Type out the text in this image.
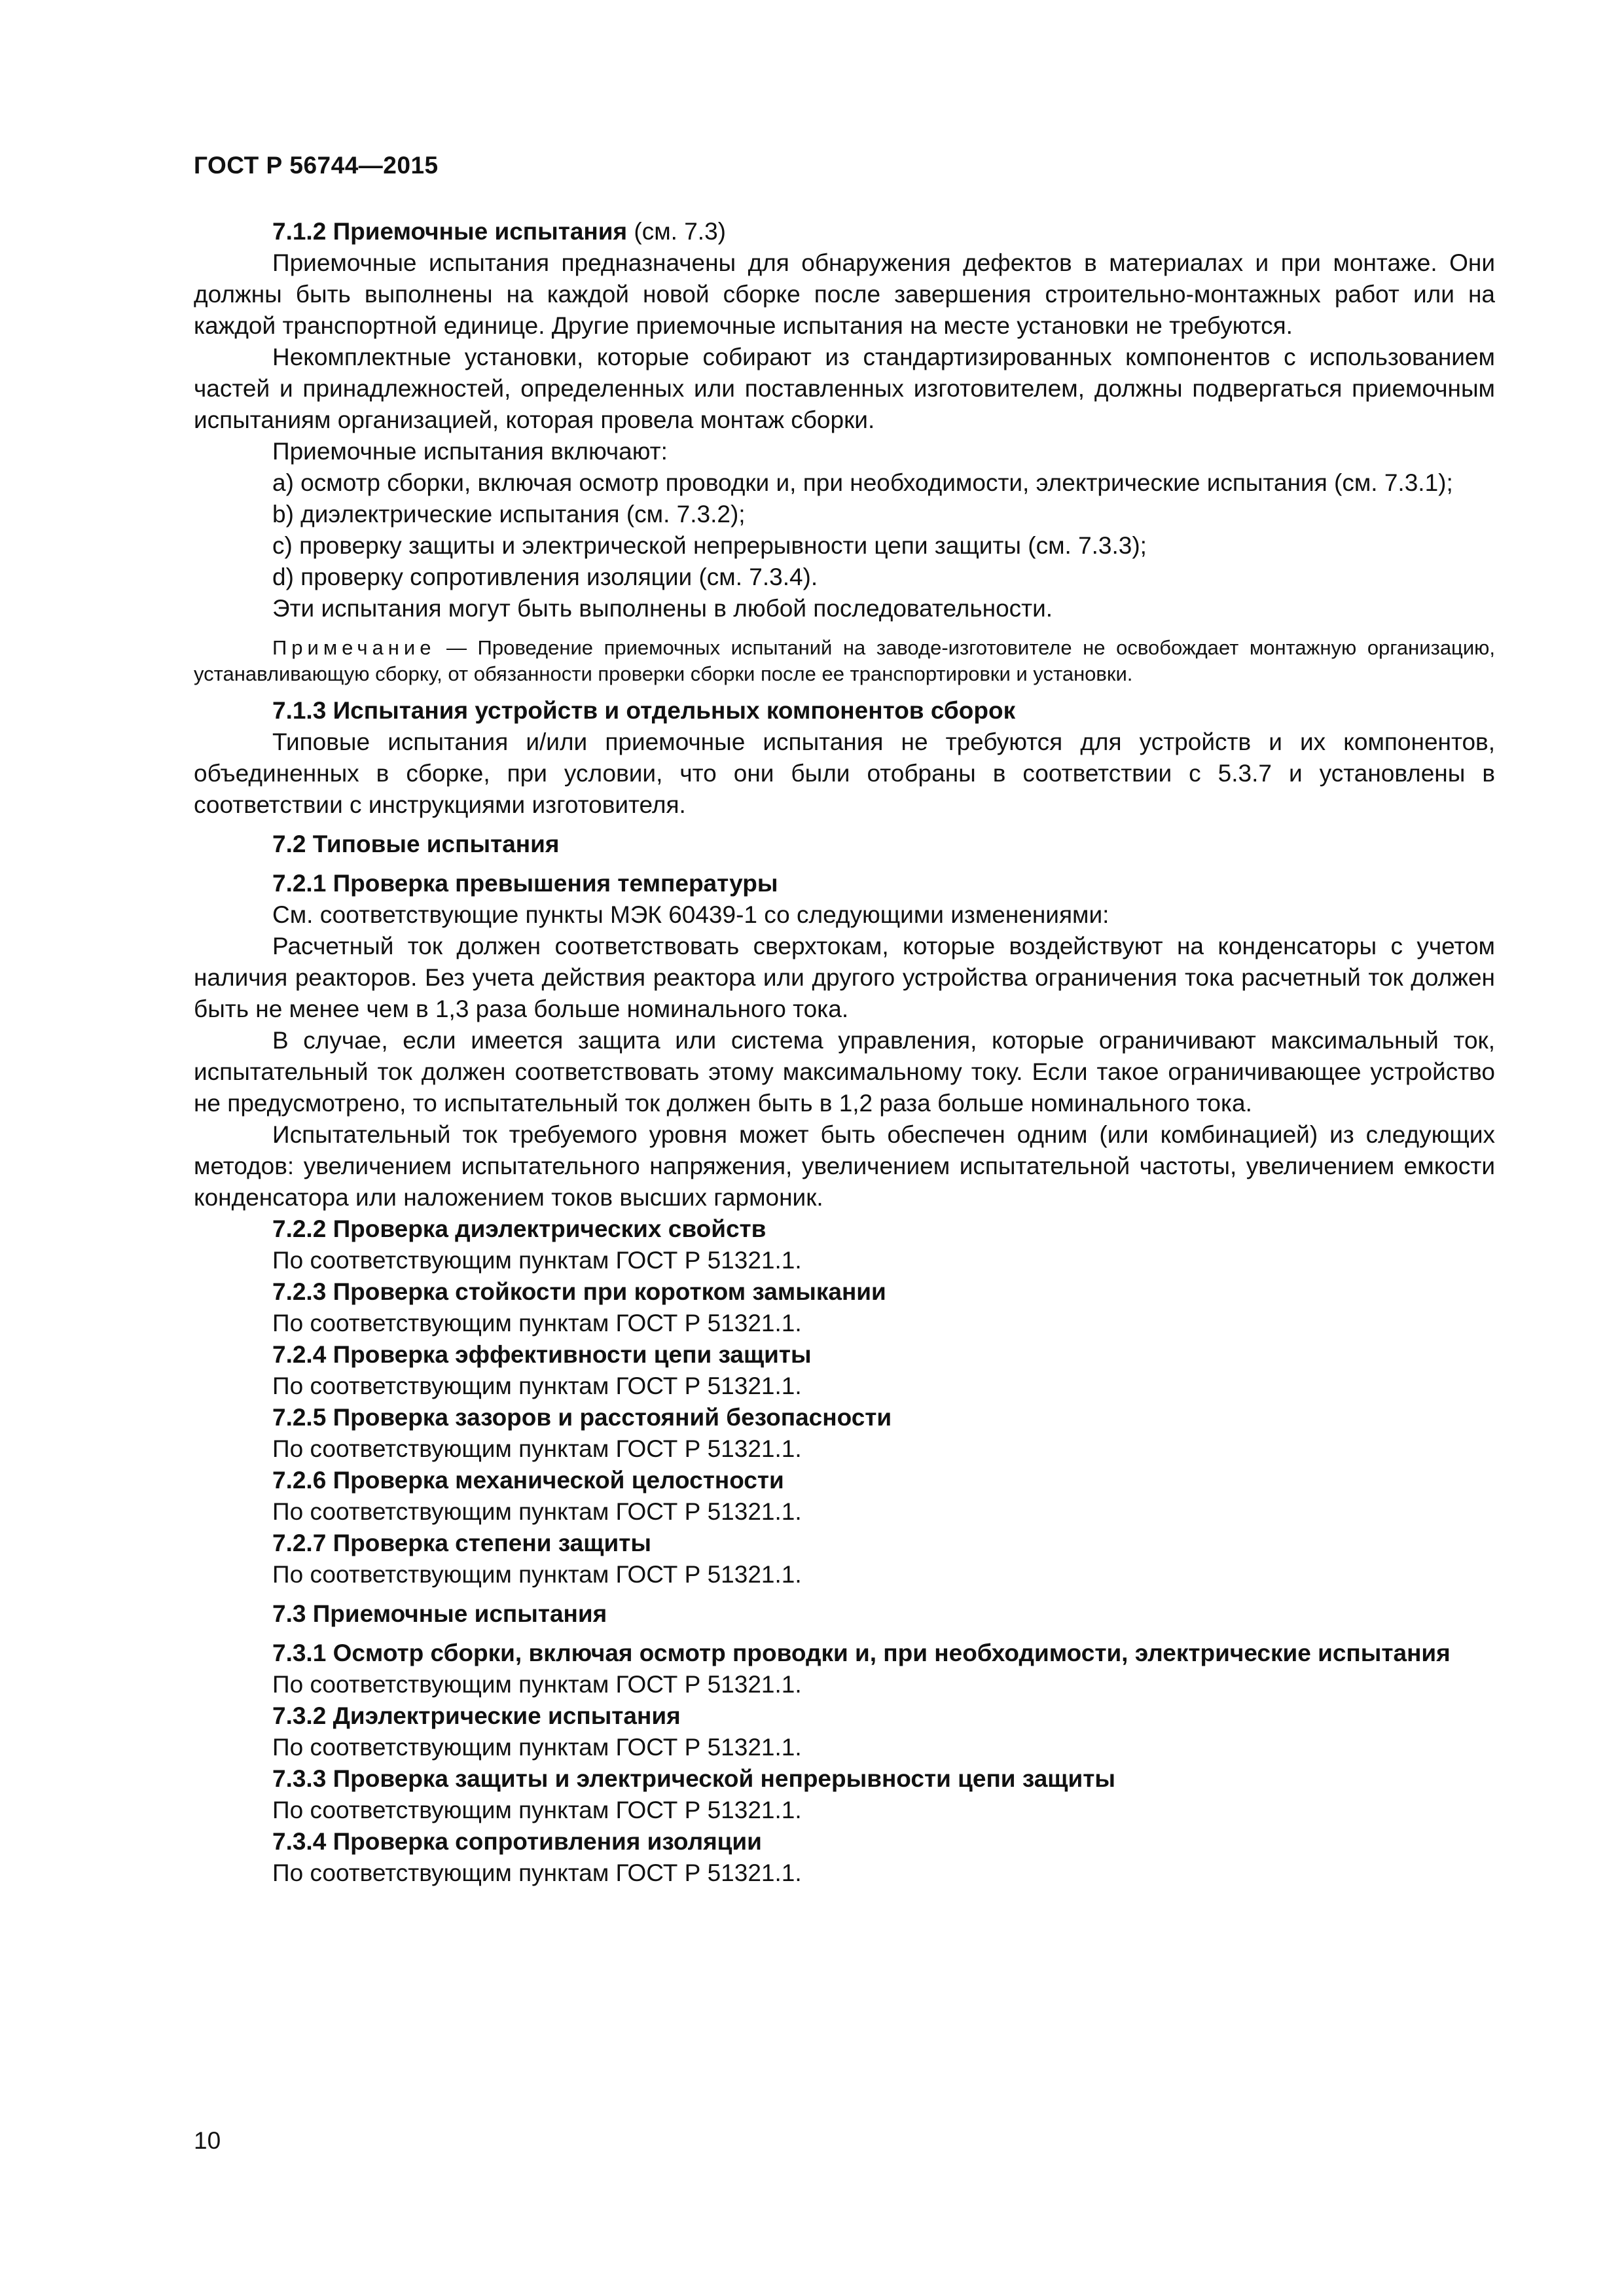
ГОСТ Р 56744—2015

7.1.2 Приемочные испытания (см. 7.3)

Приемочные испытания предназначены для обнаружения дефектов в материалах и при монтаже. Они должны быть выполнены на каждой новой сборке после завершения строительно-монтажных работ или на каждой транспортной единице. Другие приемочные испытания на месте установки не требуются.

Некомплектные установки, которые собирают из стандартизированных компонентов с использованием частей и принадлежностей, определенных или поставленных изготовителем, должны подвергаться приемочным испытаниям организацией, которая провела монтаж сборки.

Приемочные испытания включают:

a) осмотр сборки, включая осмотр проводки и, при необходимости, электрические испытания (см. 7.3.1);

b) диэлектрические испытания (см. 7.3.2);

c) проверку защиты и электрической непрерывности цепи защиты (см. 7.3.3);

d) проверку сопротивления изоляции (см. 7.3.4).

Эти испытания могут быть выполнены в любой последовательности.

Примечание — Проведение приемочных испытаний на заводе-изготовителе не освобождает монтажную организацию, устанавливающую сборку, от обязанности проверки сборки после ее транспортировки и установки.

7.1.3 Испытания устройств и отдельных компонентов сборок

Типовые испытания и/или приемочные испытания не требуются для устройств и их компонентов, объединенных в сборке, при условии, что они были отобраны в соответствии с 5.3.7 и установлены в соответствии с инструкциями изготовителя.

7.2 Типовые испытания

7.2.1 Проверка превышения температуры

См. соответствующие пункты МЭК 60439-1 со следующими изменениями:

Расчетный ток должен соответствовать сверхтокам, которые воздействуют на конденсаторы с учетом наличия реакторов. Без учета действия реактора или другого устройства ограничения тока расчетный ток должен быть не менее чем в 1,3 раза больше номинального тока.

В случае, если имеется защита или система управления, которые ограничивают максимальный ток, испытательный ток должен соответствовать этому максимальному току. Если такое ограничивающее устройство не предусмотрено, то испытательный ток должен быть в 1,2 раза больше номинального тока.

Испытательный ток требуемого уровня может быть обеспечен одним (или комбинацией) из следующих методов: увеличением испытательного напряжения, увеличением испытательной частоты, увеличением емкости конденсатора или наложением токов высших гармоник.

7.2.2 Проверка диэлектрических свойств

По соответствующим пунктам ГОСТ Р 51321.1.

7.2.3 Проверка стойкости при коротком замыкании

По соответствующим пунктам ГОСТ Р 51321.1.

7.2.4 Проверка эффективности цепи защиты

По соответствующим пунктам ГОСТ Р 51321.1.

7.2.5 Проверка зазоров и расстояний безопасности

По соответствующим пунктам ГОСТ Р 51321.1.

7.2.6 Проверка механической целостности

По соответствующим пунктам ГОСТ Р 51321.1.

7.2.7 Проверка степени защиты

По соответствующим пунктам ГОСТ Р 51321.1.

7.3 Приемочные испытания

7.3.1 Осмотр сборки, включая осмотр проводки и, при необходимости, электрические испытания

По соответствующим пунктам ГОСТ Р 51321.1.

7.3.2 Диэлектрические испытания

По соответствующим пунктам ГОСТ Р 51321.1.

7.3.3 Проверка защиты и электрической непрерывности цепи защиты

По соответствующим пунктам ГОСТ Р 51321.1.

7.3.4 Проверка сопротивления изоляции

По соответствующим пунктам ГОСТ Р 51321.1.

10
